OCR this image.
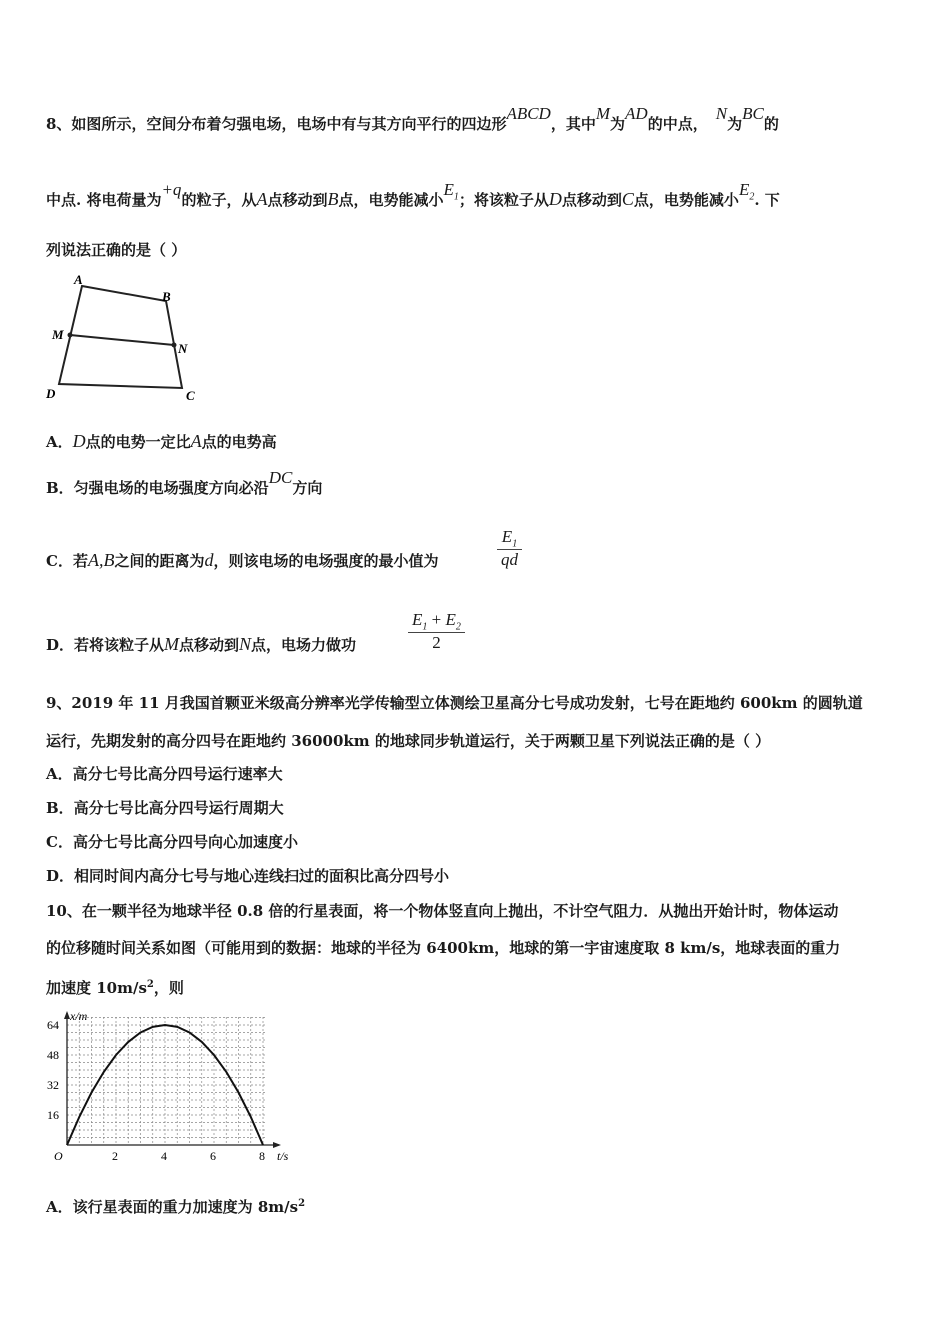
8、如图所示，空间分布着匀强电场，电场中有与其方向平行的四边形ABCD，其中M为AD的中点，N为BC的
中点. 将电荷量为+q的粒子，从A点移动到B点，电势能减小$E_1$；将该粒子从D点移动到C点，电势能减小$E_2$. 下
列说法正确的是（ ）
A
B
M
N
D	C
A．D点的电势一定比A点的电势高
B．匀强电场的电场强度方向必沿DC方向
C．若A,B之间的距离为d，则该电场的电场强度的最小值为	$\frac{E_1}{qd}$
D．若将该粒子从M点移动到N点，电场力做功	$\frac{E_1 + E_2}{2}$
9、2019 年 11 月我国首颗亚米级高分辨率光学传输型立体测绘卫星高分七号成功发射，七号在距地约 600km 的圆轨道
运行，先期发射的高分四号在距地约 36000km 的地球同步轨道运行，关于两颗卫星下列说法正确的是（ ）
A．高分七号比高分四号运行速率大
B．高分七号比高分四号运行周期大
C．高分七号比高分四号向心加速度小
D．相同时间内高分七号与地心连线扫过的面积比高分四号小
10、在一颗半径为地球半径 0.8 倍的行星表面，将一个物体竖直向上抛出，不计空气阻力．从抛出开始计时，物体运动
的位移随时间关系如图（可能用到的数据：地球的半径为 6400km，地球的第一宇宙速度取 8 km/s，地球表面的重力
加速度 $10m/s^2$，则
x/m
t/s
O	2	4	6	8
16
32
48
64
A．该行星表面的重力加速度为 $8m/s^2$
